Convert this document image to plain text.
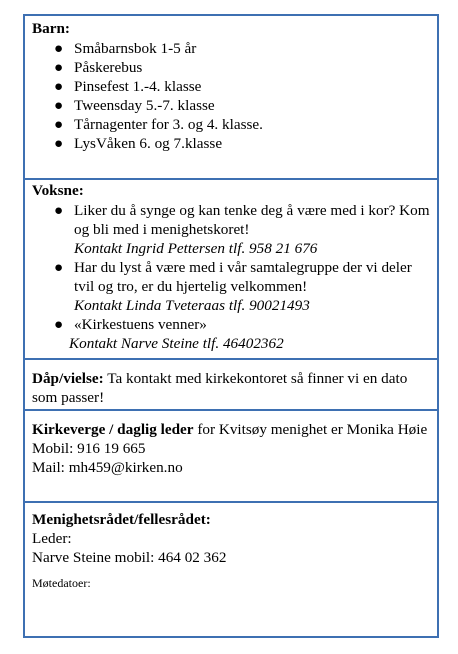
Barn:
● Småbarnsbok 1-5 år
● Påskerebus
● Pinsefest 1.-4. klasse
● Tweensday 5.-7. klasse
● Tårnagenter for 3. og 4. klasse.
● LysVåken 6. og 7.klasse
Voksne:
● Liker du å synge og kan tenke deg å være med i kor? Kom og bli med i menighetskoret!
Kontakt Ingrid Pettersen tlf. 958 21 676
● Har du lyst å være med i vår samtalegruppe der vi deler tvil og tro, er du hjertelig velkommen!
Kontakt Linda Tveteraas tlf. 90021493
● «Kirkestuens venner»
Kontakt Narve Steine tlf. 46402362
Dåp/vielse: Ta kontakt med kirkekontoret så finner vi en dato som passer!
Kirkeverge / daglig leder for Kvitsøy menighet er Monika Høie
Mobil: 916 19 665
Mail: mh459@kirken.no
Menighetsrådet/fellesrådet:
Leder:
Narve Steine mobil: 464 02 362
Møtedatoer:
